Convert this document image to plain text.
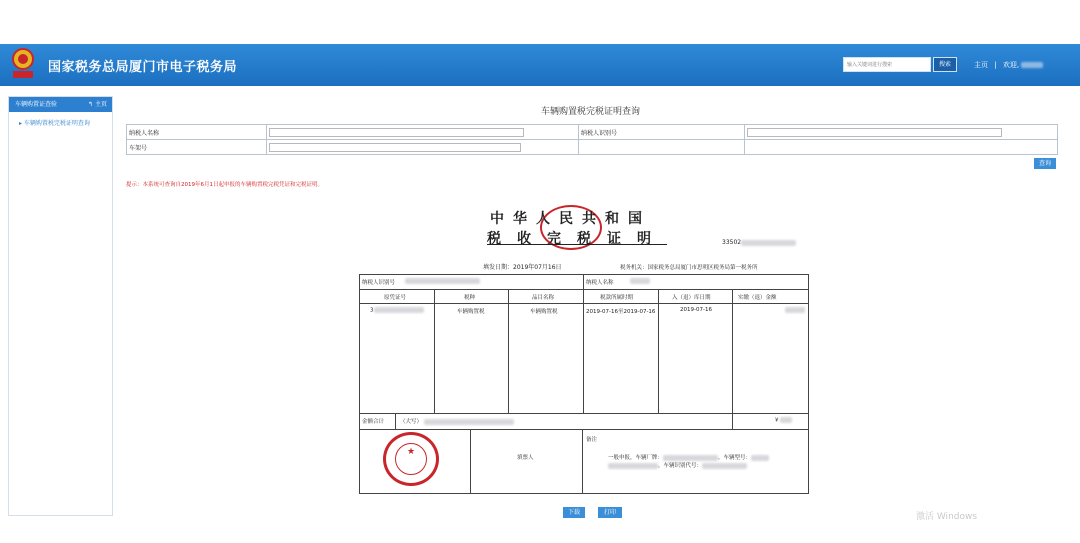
国家税务总局厦门市电子税务局
输入关键词进行搜索	搜索	主页 | 欢迎,
车辆购置证查验	↰ 主页
▸ 车辆购置税完税证明查询
车辆购置税完税证明查询
纳税人名称		纳税人识别号	
车架号			
查询
提示：本系统可查询自2019年6月1日起申报的车辆购置税完税凭证和完税证明。
中华人民共和国
税收完税证明	33502
填发日期：2019年07月16日	税务机关：国家税务总局厦门市思明区税务局第一税务所
纳税人识别号	纳税人名称
原凭证号	税种	品目名称	税款所属时期	入（退）库日期	实缴（退）金额
3	车辆购置税	车辆购置税	2019-07-16至2019-07-16	2019-07-16
金额合计	（大写）	¥
填票人
备注
一般申报，车辆厂牌：	，车辆型号：
，车辆识别代号：
★
下载	打印	激活 Windows
